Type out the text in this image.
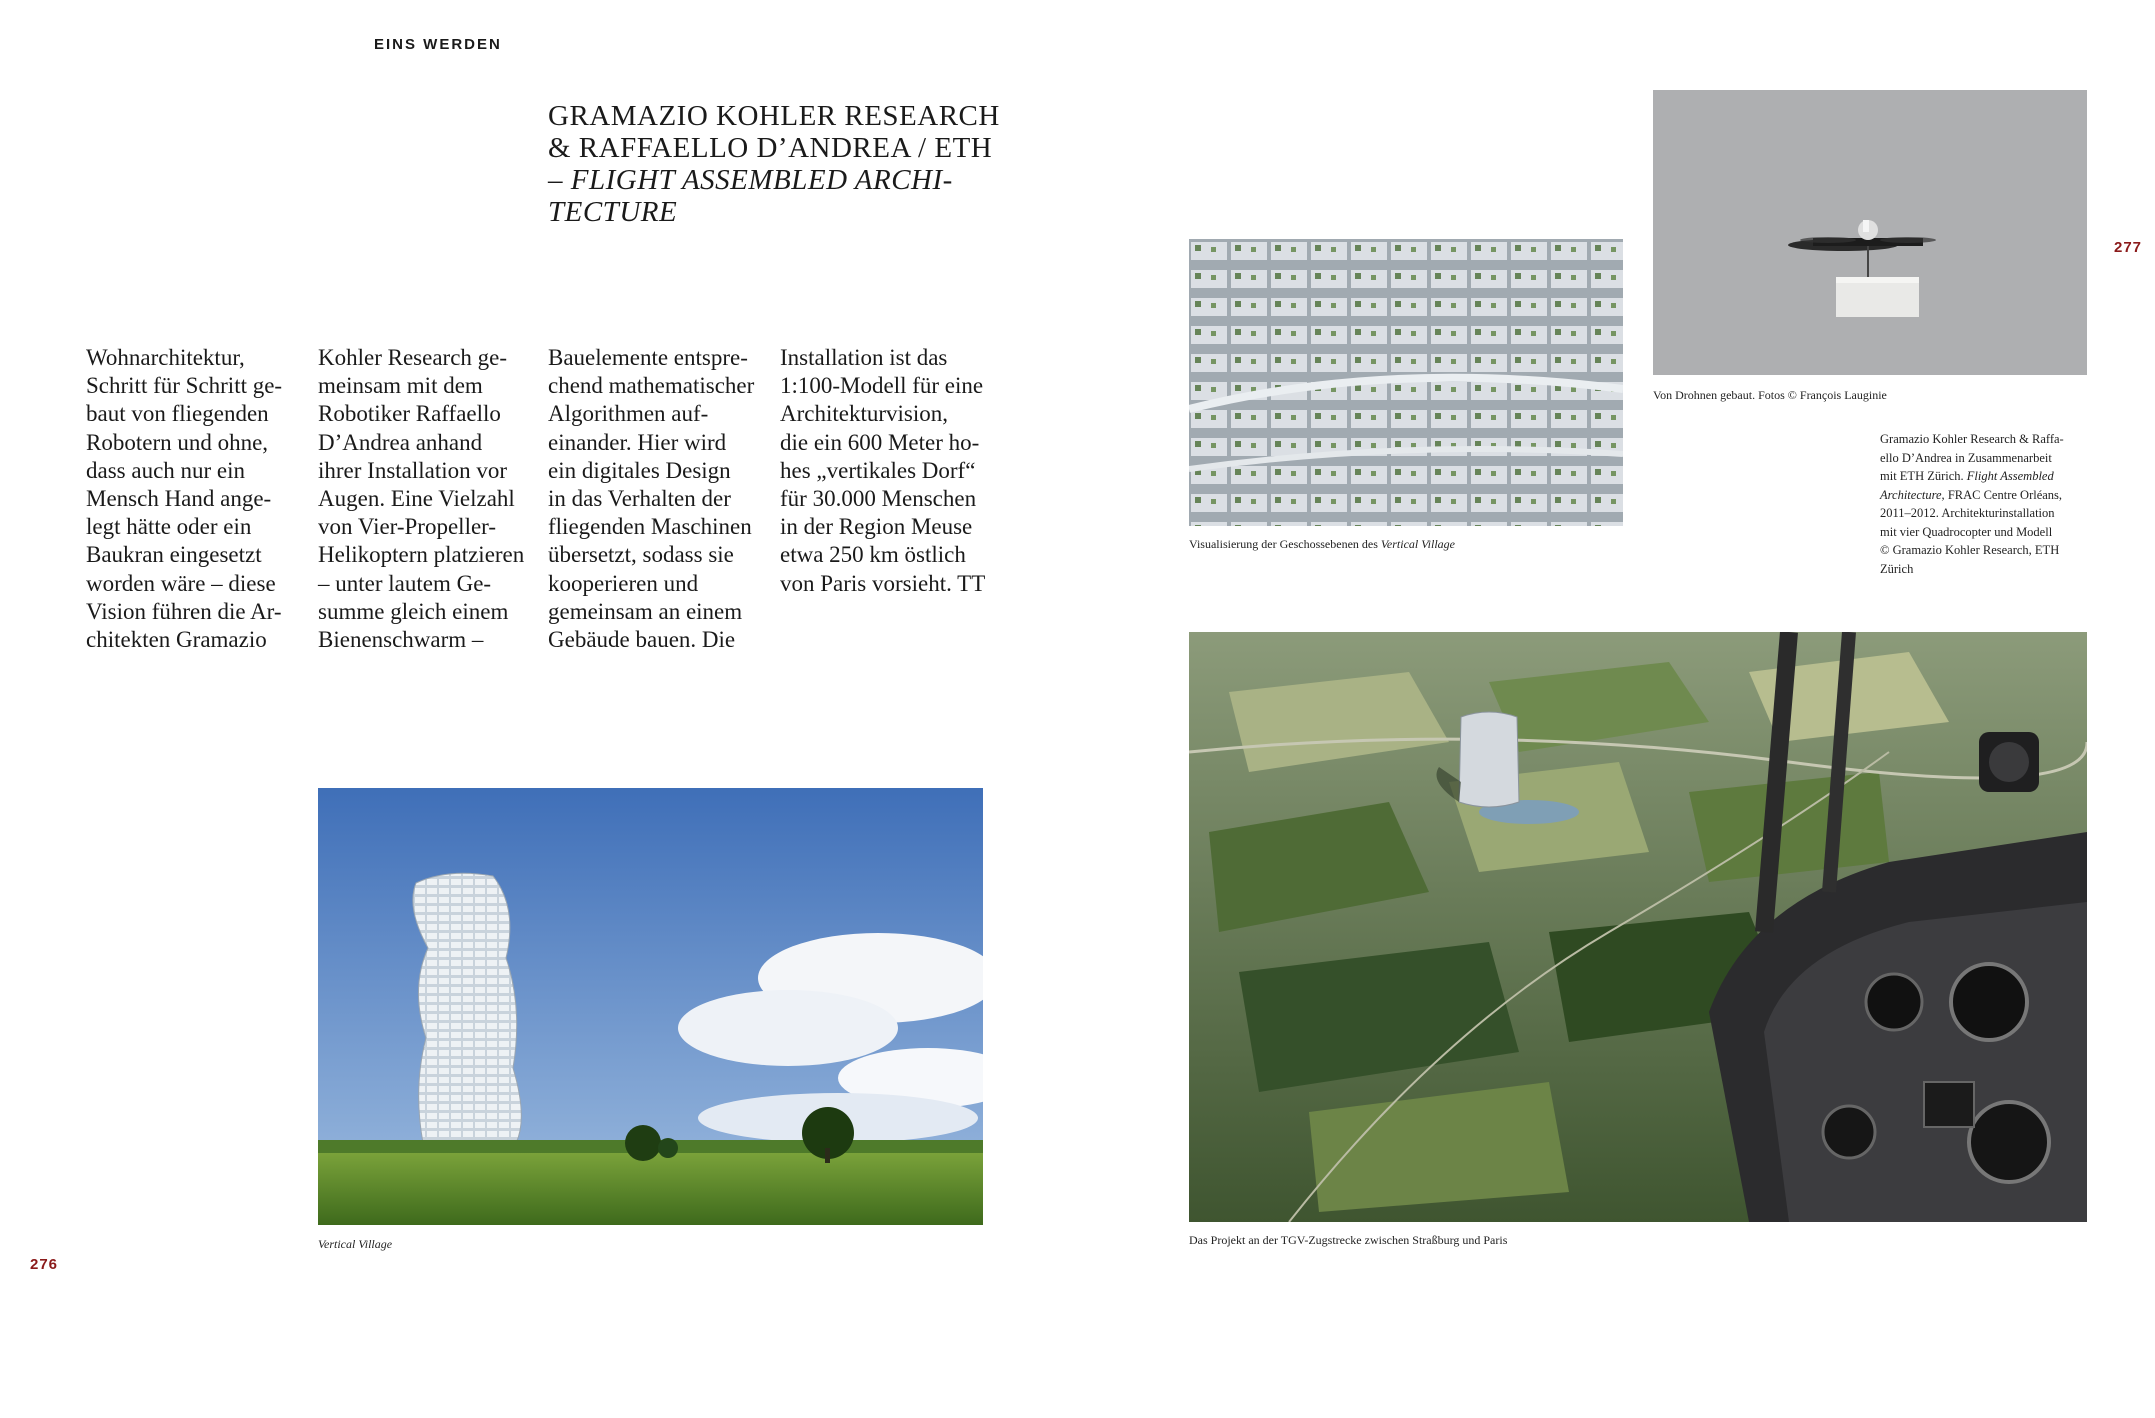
EINS WERDEN
GRAMAZIO KOHLER RESEARCH
& RAFFAELLO D’ANDREA / ETH
– FLIGHT ASSEMBLED ARCHI-
TECTURE
Wohnarchitektur,
Schritt für Schritt ge-
baut von fliegenden
Robotern und ohne,
dass auch nur ein
Mensch Hand ange-
legt hätte oder ein
Baukran eingesetzt
worden wäre – diese
Vision führen die Ar-
chitekten Gramazio
Kohler Research ge-
meinsam mit dem
Robotiker Raffaello
D’Andrea anhand
ihrer Installation vor
Augen. Eine Vielzahl
von Vier-Propeller-
Helikoptern platzieren
– unter lautem Ge-
summe gleich einem
Bienenschwarm –
Bauelemente entspre-
chend mathematischer
Algorithmen auf-
einander. Hier wird
ein digitales Design
in das Verhalten der
fliegenden Maschinen
übersetzt, sodass sie
kooperieren und
gemeinsam an einem
Gebäude bauen. Die
Installation ist das
1:100-Modell für eine
Architekturvision,
die ein 600 Meter ho-
hes „vertikales Dorf“
für 30.000 Menschen
in der Region Meuse
etwa 250 km östlich
von Paris vorsieht. TT
Vertical Village
276
Visualisierung der Geschossebenen des Vertical Village
Von Drohnen gebaut. Fotos © François Lauginie
277
Gramazio Kohler Research & Raffa-
ello D’Andrea in Zusammenarbeit
mit ETH Zürich. Flight Assembled
Architecture, FRAC Centre Orléans,
2011–2012. Architekturinstallation
mit vier Quadrocopter und Modell
© Gramazio Kohler Research, ETH
Zürich
Das Projekt an der TGV-Zugstrecke zwischen Straßburg und Paris
